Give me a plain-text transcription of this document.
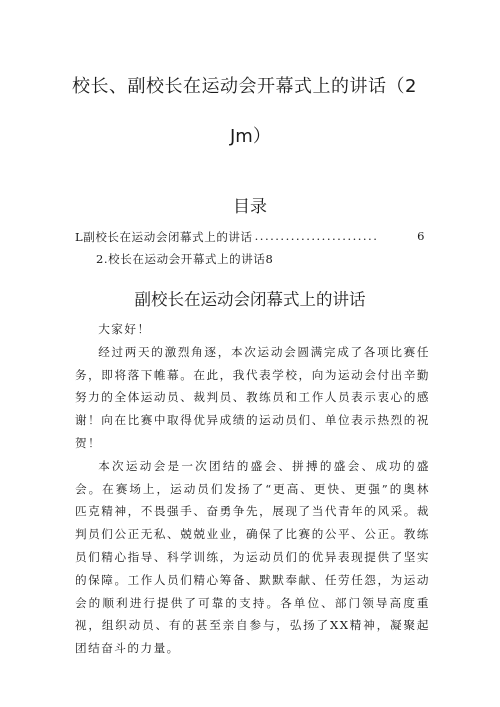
校长、副校长在运动会开幕式上的讲话（2
Jm）
目录
L副校长在运动会闭幕式上的讲话 ........................	6
2.校长在运动会开幕式上的讲话8
副校长在运动会闭幕式上的讲话

大家好！

经过两天的激烈角逐，本次运动会圆满完成了各项比赛任务，即将落下帷幕。在此，我代表学校，向为运动会付出辛勤努力的全体运动员、裁判员、教练员和工作人员表示衷心的感谢！向在比赛中取得优异成绩的运动员们、单位表示热烈的祝贺！

本次运动会是一次团结的盛会、拼搏的盛会、成功的盛会。在赛场上，运动员们发扬了“更高、更快、更强”的奥林匹克精神，不畏强手、奋勇争先，展现了当代青年的风采。裁判员们公正无私、兢兢业业，确保了比赛的公平、公正。教练员们精心指导、科学训练，为运动员们的优异表现提供了坚实的保障。工作人员们精心筹备、默默奉献、任劳任怨，为运动会的顺利进行提供了可靠的支持。各单位、部门领导高度重视，组织动员、有的甚至亲自参与，弘扬了XX精神，凝聚起团结奋斗的力量。
